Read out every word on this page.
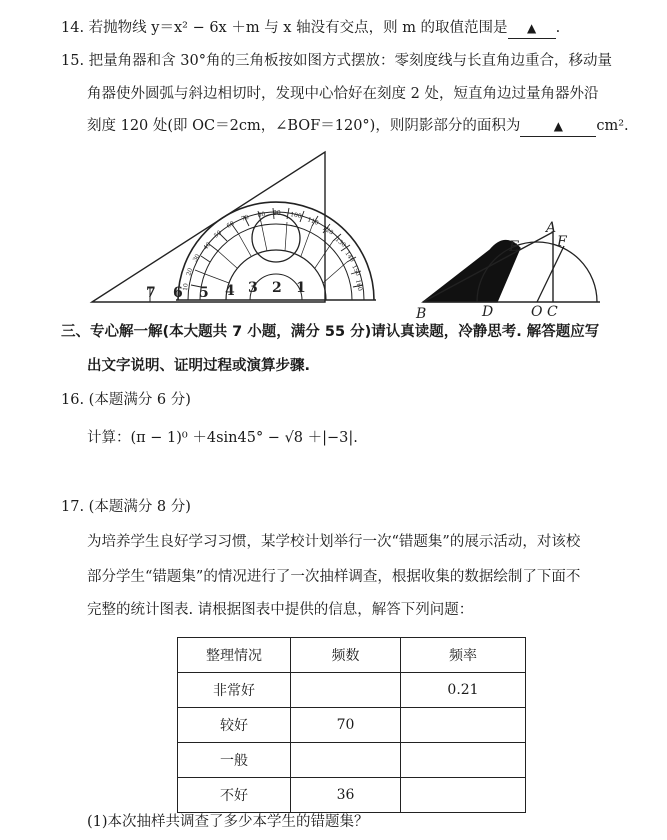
14. 若抛物线 y＝x² − 6x ＋m 与 x 轴没有交点，则 m 的取值范围是 ▲ .
15. 把量角器和含 30°角的三角板按如图方式摆放：零刻度线与长直角边重合，移动量
角器使外圆弧与斜边相切时，发现中心恰好在刻度 2 处，短直角边过量角器外沿
刻度 120 处(即 OC＝2cm，∠BOF＝120°)，则阴影部分的面积为	▲ cm².
40
50
60
70 80 90 100
110
120
130
140
150
160
30
20
10
7 6 5 4 3 2 1
A
E	F
B	D	O C
三、专心解一解(本大题共 7 小题，满分 55 分)请认真读题，冷静思考. 解答题应写
出文字说明、证明过程或演算步骤.
16. (本题满分 6 分)
计算：(π − 1)⁰ ＋4sin45° − √8 ＋|−3|.
17. (本题满分 8 分)
为培养学生良好学习习惯，某学校计划举行一次“错题集”的展示活动，对该校
部分学生“错题集”的情况进行了一次抽样调查，根据收集的数据绘制了下面不
完整的统计图表. 请根据图表中提供的信息，解答下列问题：
整理情况	频数	频率
非常好		0.21
较好	70	
一般		
不好	36	
(1)本次抽样共调查了多少本学生的错题集？
